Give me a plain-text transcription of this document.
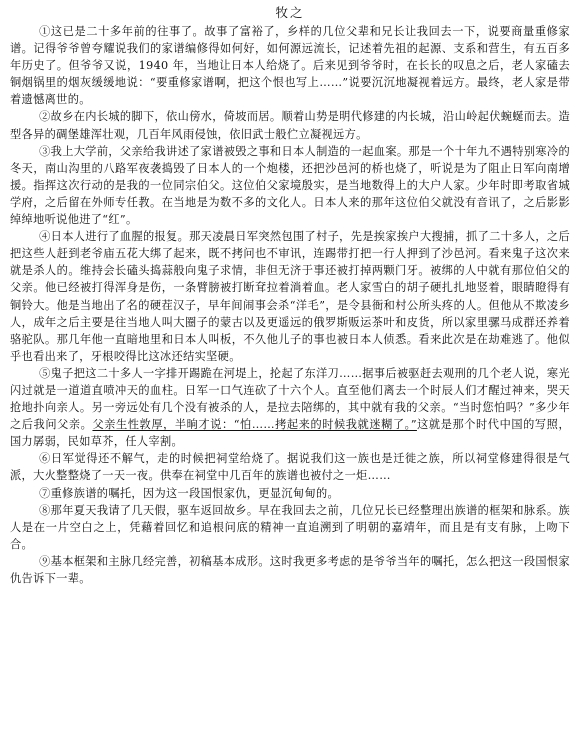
牧之

①这已是二十多年前的往事了。故事了富裕了，乡样的几位父辈和兄长让我回去一下，说要商量重修家谱。记得爷爷曾夸耀说我们的家谱编修得如何好，如何源远流长，记述着先祖的起源、支系和营生，有五百多年历史了。但爷爷又说，1940 年，当地让日本人给烧了。后来见到爷爷时，在长长的叹息之后，老人家磕去铜烟锅里的烟灰缓缓地说：“要重修家谱啊，把这个恨也写上……”说要沉沉地凝视着远方。最终，老人家是带着遗憾离世的。

②故乡在内长城的脚下，依山傍水，倚坡而居。顺着山势是明代修建的内长城，沿山岭起伏蜿蜒而去。造型各异的碉堡雄浑壮观，几百年风雨侵蚀，依旧武士般伫立凝视远方。

③我上大学前，父亲给我讲述了家谱被毁之事和日本人制造的一起血案。那是一个十年九不遇特别寒冷的冬天，南山沟里的八路军夜袭捣毁了日本人的一个炮楼，还把沙邑河的桥也烧了，听说是为了阻止日军向南增援。指挥这次行动的是我的一位同宗伯父。这位伯父家境殷实，是当地数得上的大户人家。少年时即考取省城学府，之后留在外师专任教。在当地是为数不多的文化人。日本人来的那年这位伯父就没有音讯了，之后影影绰绰地听说他进了“红”。

④日本人进行了血腥的报复。那天凌晨日军突然包围了村子，先是挨家挨户大搜捕，抓了二十多人，之后把这些人赶到老爷庙五花大绑了起来，既不拷问也不审讯，连踢带打把一行人押到了沙邑河。看来鬼子这次来就是杀人的。维持会长磕头捣蒜般向鬼子求情，非但无济于事还被打掉两颗门牙。被绑的人中就有那位伯父的父亲。他已经被打得浑身是伤，一条臂膀被打断耷拉着淌着血。老人家雪白的胡子硬扎扎地竖着，眼睛瞪得有铜铃大。他是当地出了名的硬茬汉子，早年间闹事会杀“洋毛”，是令县衙和村公所头疼的人。但他从不欺凌乡人，成年之后主要是往当地人叫大圈子的蒙古以及更遥远的俄罗斯贩运茶叶和皮货，所以家里骡马成群还养着骆驼队。那几年他一直暗地里和日本人叫板，不久他儿子的事也被日本人侦悉。看来此次是在劫难逃了。他似乎也看出来了，牙根咬得比这冰还结实坚硬。

⑤鬼子把这二十多人一字排开踢跪在河堤上，抡起了东洋刀……据事后被驱赶去观刑的几个老人说，寒光闪过就是一道道直喷冲天的血柱。日军一口气连砍了十六个人。直至他们离去一个时辰人们才醒过神来，哭天抢地扑向亲人。另一旁远处有几个没有被杀的人，是拉去陪绑的，其中就有我的父亲。“当时您怕吗？”多少年之后我问父亲。父亲生性敦厚，半晌才说：“怕……拷起来的时候我就迷糊了。”这就是那个时代中国的写照，国力孱弱，民如草芥，任人宰割。

⑥日军觉得还不解气，走的时候把祠堂给烧了。据说我们这一族也是迁徙之族，所以祠堂修建得很是气派，大火整整烧了一天一夜。供奉在祠堂中几百年的族谱也被付之一炬……

⑦重修族谱的嘱托，因为这一段国恨家仇，更显沉甸甸的。

⑧那年夏天我请了几天假，驱车返回故乡。早在我回去之前，几位兄长已经整理出族谱的框架和脉系。族人是在一片空白之上，凭藉着回忆和追根问底的精神一直追溯到了明朝的嘉靖年，而且是有支有脉，上吻下合。

⑨基本框架和主脉几经完善，初稿基本成形。这时我更多考虑的是爷爷当年的嘱托，怎么把这一段国恨家仇告诉下一辈。
